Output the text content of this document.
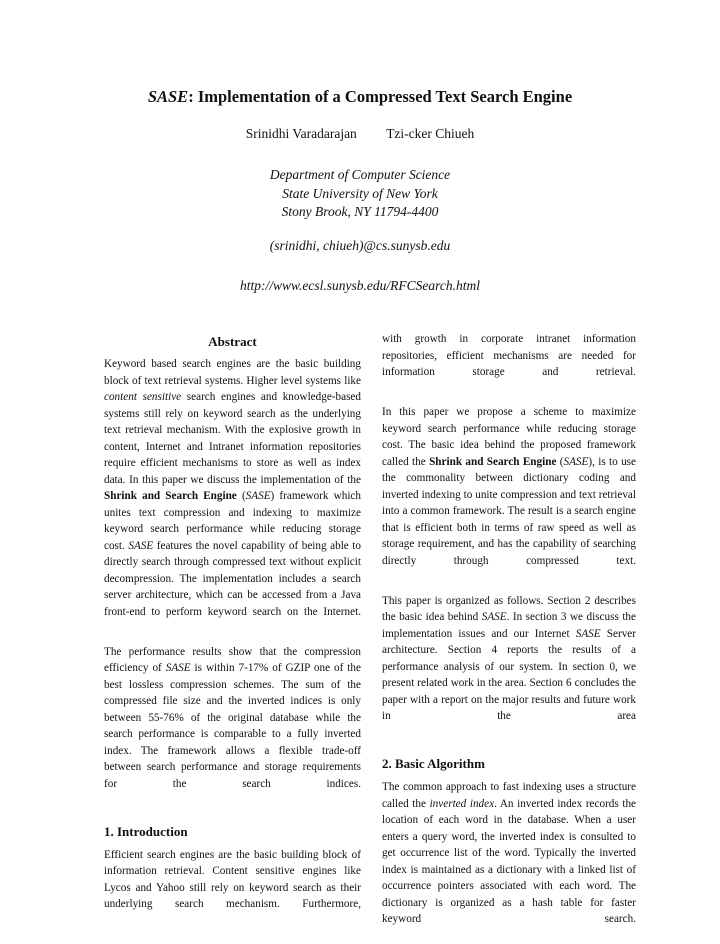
SASE: Implementation of a Compressed Text Search Engine
Srinidhi Varadarajan Tzi-cker Chiueh
Department of Computer Science
State University of New York
Stony Brook, NY 11794-4400
(srinidhi, chiueh)@cs.sunysb.edu
http://www.ecsl.sunysb.edu/RFCSearch.html
Abstract

Keyword based search engines are the basic building block of text retrieval systems. Higher level systems like content sensitive search engines and knowledge-based systems still rely on keyword search as the underlying text retrieval mechanism. With the explosive growth in content, Internet and Intranet information repositories require efficient mechanisms to store as well as index data. In this paper we discuss the implementation of the Shrink and Search Engine (SASE) framework which unites text compression and indexing to maximize keyword search performance while reducing storage cost. SASE features the novel capability of being able to directly search through compressed text without explicit decompression. The implementation includes a search server architecture, which can be accessed from a Java front-end to perform keyword search on the Internet.

The performance results show that the compression efficiency of SASE is within 7-17% of GZIP one of the best lossless compression schemes. The sum of the compressed file size and the inverted indices is only between 55-76% of the original database while the search performance is comparable to a fully inverted index. The framework allows a flexible trade-off between search performance and storage requirements for the search indices.

1. Introduction

Efficient search engines are the basic building block of information retrieval. Content sensitive engines like Lycos and Yahoo still rely on keyword search as their underlying search mechanism. Furthermore,

with growth in corporate intranet information repositories, efficient mechanisms are needed for information storage and retrieval.

In this paper we propose a scheme to maximize keyword search performance while reducing storage cost. The basic idea behind the proposed framework called the Shrink and Search Engine (SASE), is to use the commonality between dictionary coding and inverted indexing to unite compression and text retrieval into a common framework. The result is a search engine that is efficient both in terms of raw speed as well as storage requirement, and has the capability of searching directly through compressed text.

This paper is organized as follows. Section 2 describes the basic idea behind SASE. In section 3 we discuss the implementation issues and our Internet SASE Server architecture. Section 4 reports the results of a performance analysis of our system. In section 0, we present related work in the area. Section 6 concludes the paper with a report on the major results and future work in the area

2. Basic Algorithm

The common approach to fast indexing uses a structure called the inverted index. An inverted index records the location of each word in the database. When a user enters a query word, the inverted index is consulted to get occurrence list of the word. Typically the inverted index is maintained as a dictionary with a linked list of occurrence pointers associated with each word. The dictionary is organized as a hash table for faster keyword search.
